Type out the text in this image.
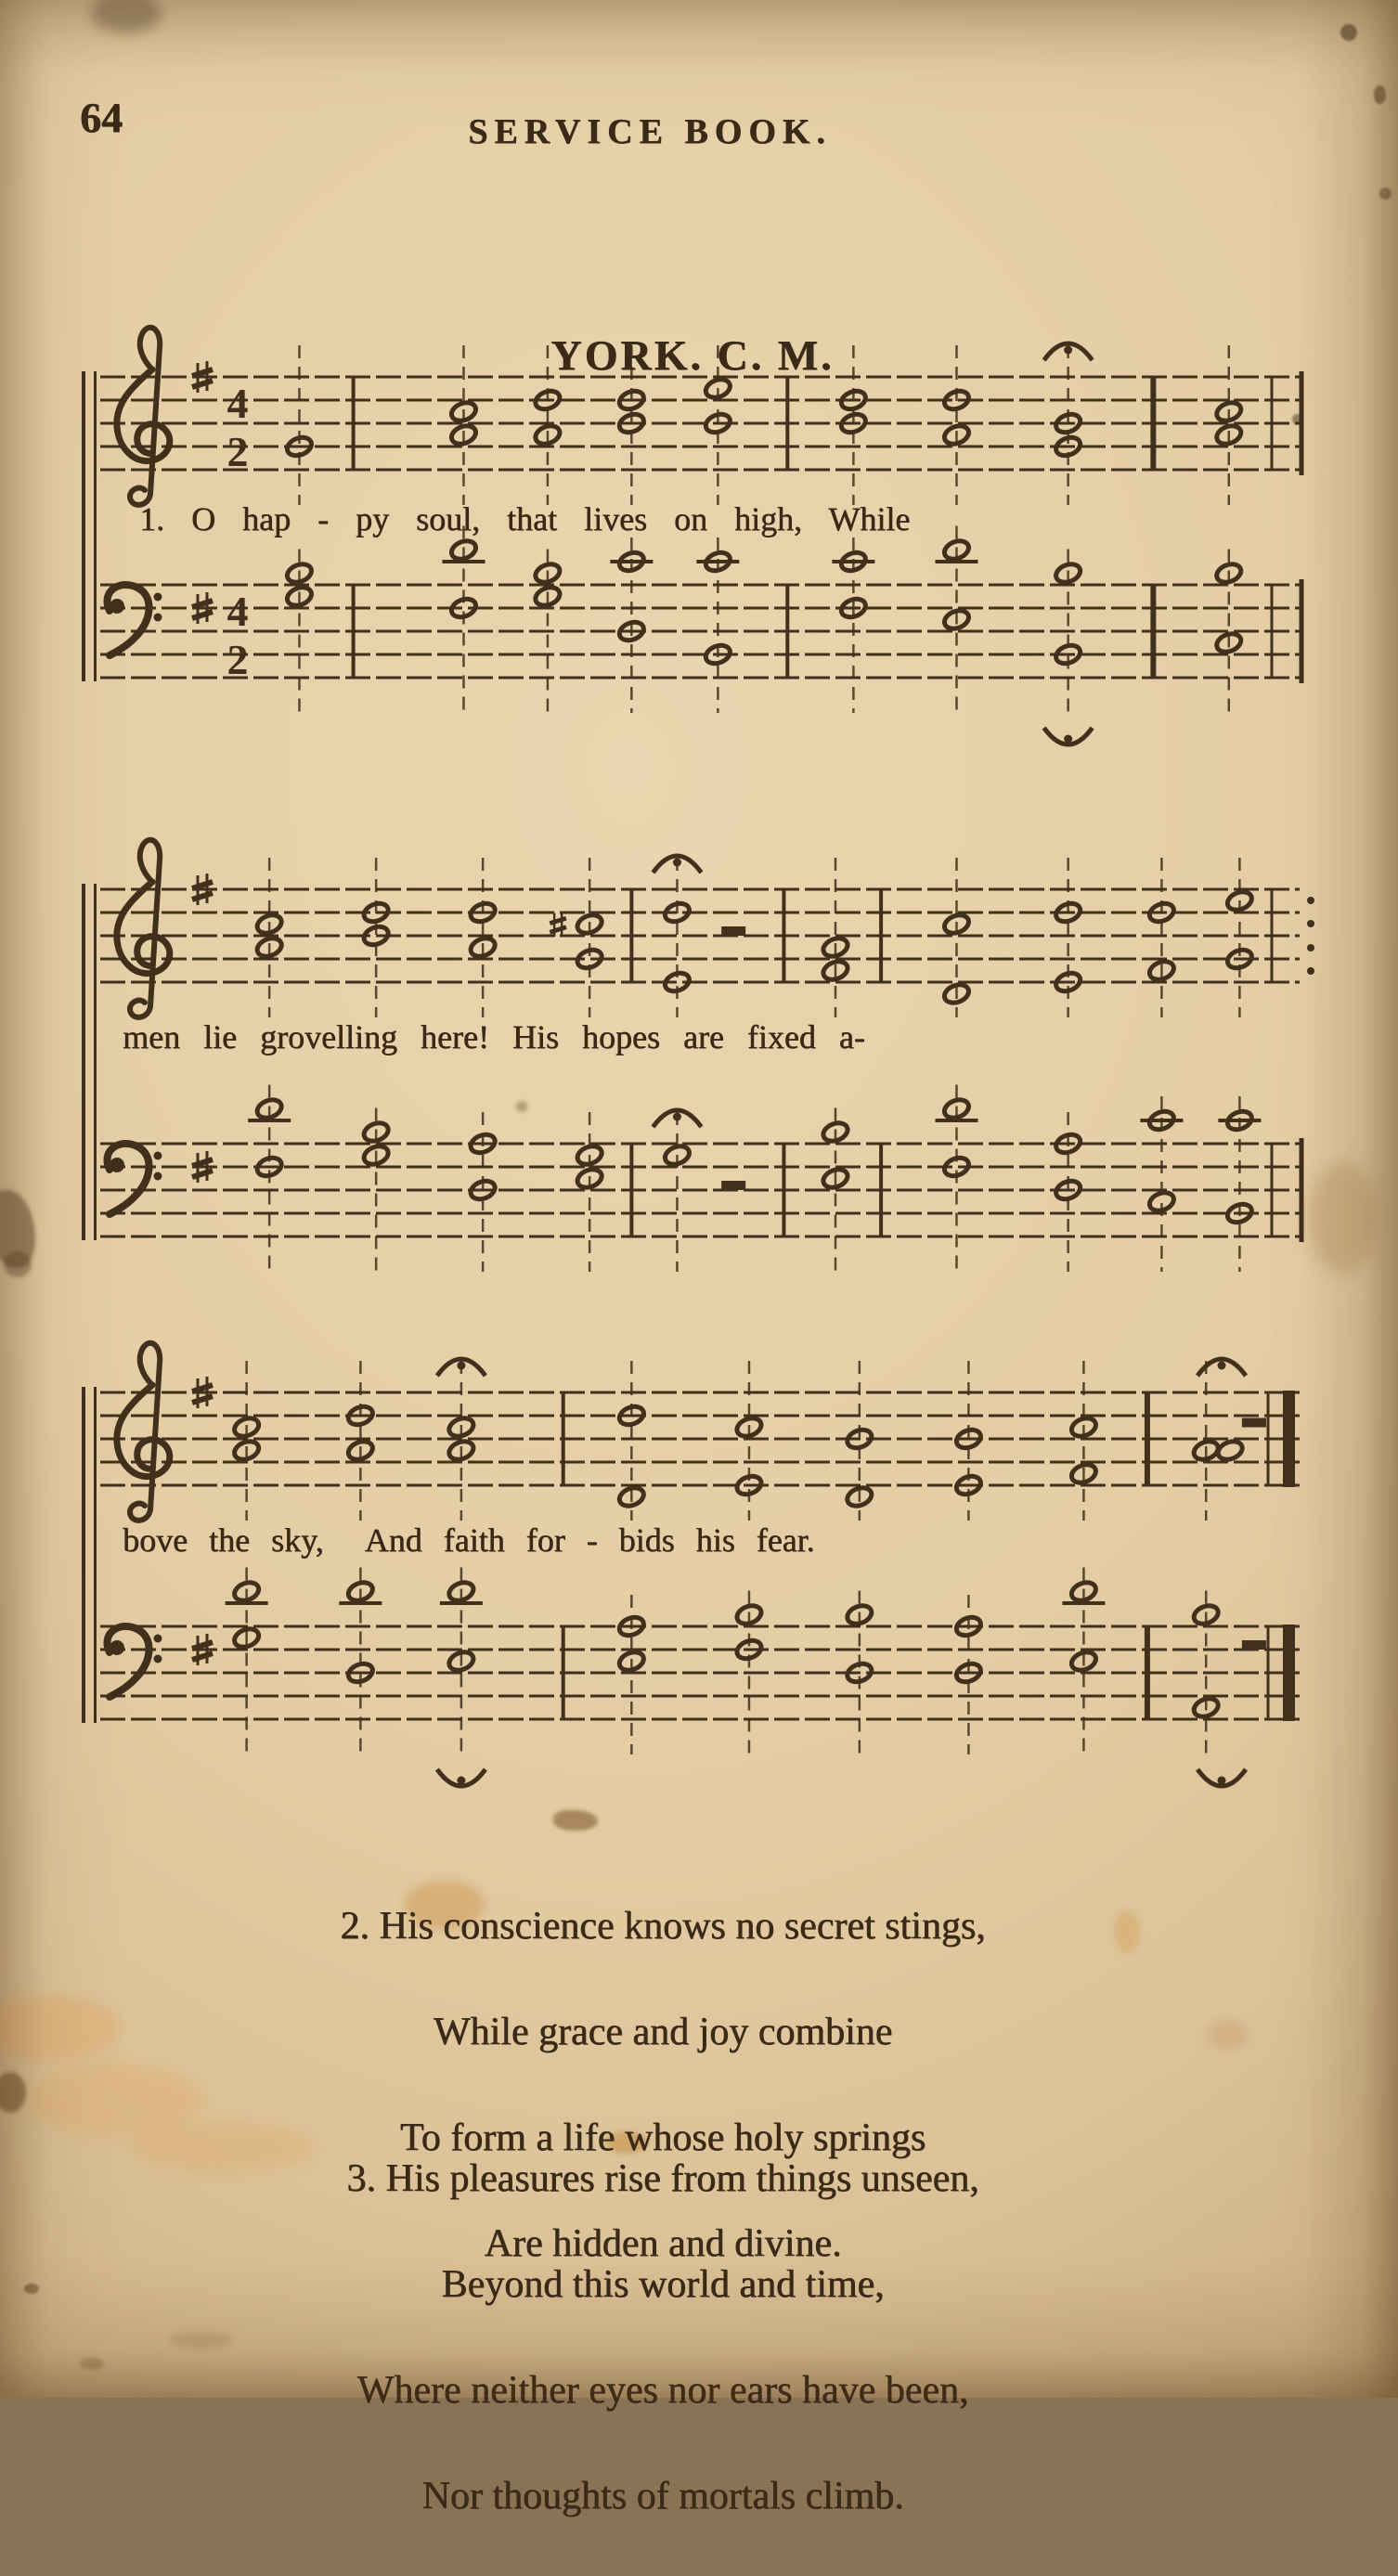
64	SERVICE BOOK.
YORK. C. M.
4
2
4
2
1. O hap - py soul, that lives on high, While
men lie grovelling here! His hopes are fixed a-
bove the sky,  And faith for - bids his fear.

2. His conscience knows no secret stings,

While grace and joy combine

To form a life whose holy springs

Are hidden and divine.

3. His pleasures rise from things unseen,

Beyond this world and time,

Where neither eyes nor ears have been,

Nor thoughts of mortals climb.
